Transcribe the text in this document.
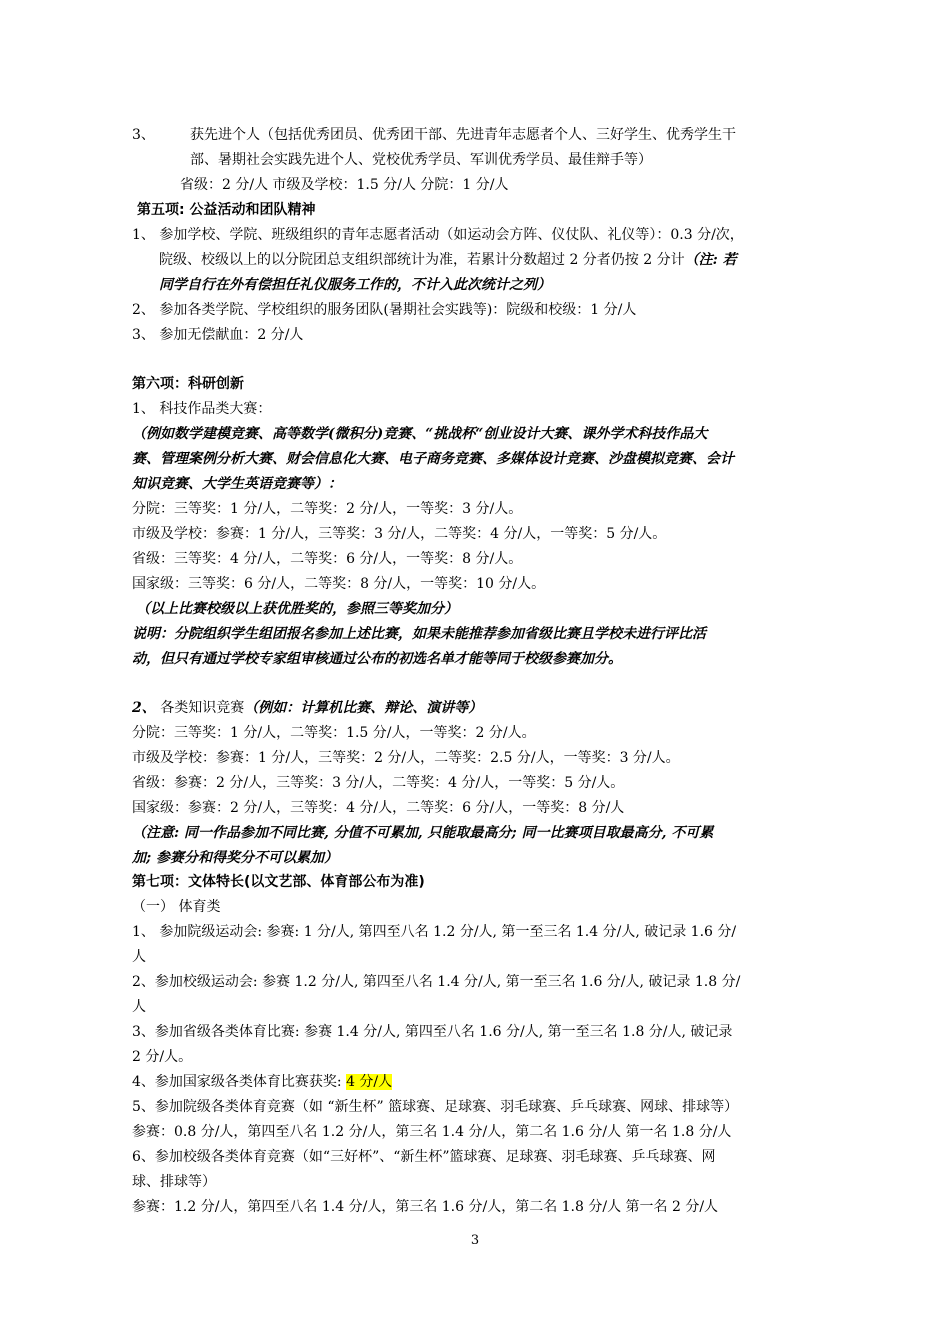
3、	获先进个人（包括优秀团员、优秀团干部、先进青年志愿者个人、三好学生、优秀学生干
部、暑期社会实践先进个人、党校优秀学员、军训优秀学员、最佳辩手等）
省级：2 分/人 市级及学校：1.5 分/人 分院：1 分/人
第五项: 公益活动和团队精神
1、 参加学校、学院、班级组织的青年志愿者活动（如运动会方阵、仪仗队、礼仪等）：0.3 分/次，
院级、校级以上的以分院团总支组织部统计为准，若累计分数超过 2 分者仍按 2 分计（注: 若
同学自行在外有偿担任礼仪服务工作的，不计入此次统计之列）
2、 参加各类学院、学校组织的服务团队(暑期社会实践等)：院级和校级：1 分/人
3、 参加无偿献血：2 分/人
第六项：科研创新
1、 科技作品类大赛：
（例如数学建模竞赛、高等数学(微积分)竞赛、“挑战杯“创业设计大赛、课外学术科技作品大
赛、管理案例分析大赛、财会信息化大赛、电子商务竞赛、多媒体设计竞赛、沙盘模拟竞赛、会计
知识竞赛、大学生英语竞赛等）：
分院：三等奖：1 分/人，二等奖：2 分/人，一等奖：3 分/人。
市级及学校：参赛：1 分/人，三等奖：3 分/人，二等奖：4 分/人，一等奖：5 分/人。
省级：三等奖：4 分/人，二等奖：6 分/人，一等奖：8 分/人。
国家级：三等奖：6 分/人，二等奖：8 分/人，一等奖：10 分/人。
（以上比赛校级以上获优胜奖的，参照三等奖加分）
说明：分院组织学生组团报名参加上述比赛，如果未能推荐参加省级比赛且学校未进行评比活
动，但只有通过学校专家组审核通过公布的初选名单才能等同于校级参赛加分。
2、 各类知识竞赛（例如：计算机比赛、辩论、演讲等）
分院：三等奖：1 分/人，二等奖：1.5 分/人，一等奖：2 分/人。
市级及学校：参赛：1 分/人，三等奖：2 分/人，二等奖：2.5 分/人，一等奖：3 分/人。
省级：参赛：2 分/人，三等奖：3 分/人，二等奖：4 分/人，一等奖：5 分/人。
国家级：参赛：2 分/人，三等奖：4 分/人，二等奖：6 分/人，一等奖：8 分/人
（注意: 同一作品参加不同比赛, 分值不可累加, 只能取最高分; 同一比赛项目取最高分, 不可累
加; 参赛分和得奖分不可以累加）
第七项：文体特长(以文艺部、体育部公布为准)
（一） 体育类
1、 参加院级运动会: 参赛: 1 分/人, 第四至八名 1.2 分/人, 第一至三名 1.4 分/人, 破记录 1.6 分/
人
2、参加校级运动会: 参赛 1.2 分/人, 第四至八名 1.4 分/人, 第一至三名 1.6 分/人, 破记录 1.8 分/
人
3、参加省级各类体育比赛: 参赛 1.4 分/人, 第四至八名 1.6 分/人, 第一至三名 1.8 分/人, 破记录
2 分/人。
4、参加国家级各类体育比赛获奖: 4 分/人
5、参加院级各类体育竞赛（如 “新生杯” 篮球赛、足球赛、羽毛球赛、乒乓球赛、网球、排球等）
参赛：0.8 分/人，第四至八名 1.2 分/人，第三名 1.4 分/人，第二名 1.6 分/人 第一名 1.8 分/人
6、参加校级各类体育竞赛（如“三好杯”、“新生杯”篮球赛、足球赛、羽毛球赛、乒乓球赛、网
球、排球等）
参赛：1.2 分/人，第四至八名 1.4 分/人，第三名 1.6 分/人，第二名 1.8 分/人 第一名 2 分/人
3
